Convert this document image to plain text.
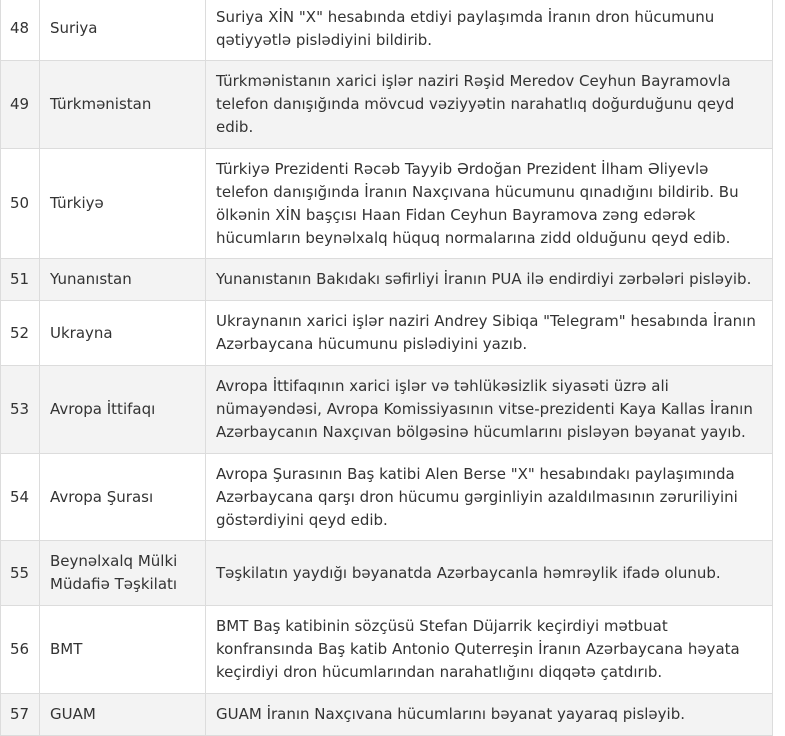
48	Suriya	Suriya XİN "X" hesabında etdiyi paylaşımda İranın dron hücumunu qətiyyətlə pislədiyini bildirib.
49	Türkmənistan	Türkmənistanın xarici işlər naziri Rəşid Meredov Ceyhun Bayramovla telefon danışığında mövcud vəziyyətin narahatlıq doğurduğunu qeyd edib.
50	Türkiyə	Türkiyə Prezidenti Rəcəb Tayyib Ərdoğan Prezident İlham Əliyevlə telefon danışığında İranın Naxçıvana hücumunu qınadığını bildirib. Bu ölkənin XİN başçısı Haan Fidan Ceyhun Bayramova zəng edərək hücumların beynəlxalq hüquq normalarına zidd olduğunu qeyd edib.
51	Yunanıstan	Yunanıstanın Bakıdakı səfirliyi İranın PUA ilə endirdiyi zərbələri pisləyib.
52	Ukrayna	Ukraynanın xarici işlər naziri Andrey Sibiqa "Telegram" hesabında İranın Azərbaycana hücumunu pislədiyini yazıb.
53	Avropa İttifaqı	Avropa İttifaqının xarici işlər və təhlükəsizlik siyasəti üzrə ali nümayəndəsi, Avropa Komissiyasının vitse-prezidenti Kaya Kallas İranın Azərbaycanın Naxçıvan bölgəsinə hücumlarını pisləyən bəyanat yayıb.
54	Avropa Şurası	Avropa Şurasının Baş katibi Alen Berse "X" hesabındakı paylaşımında Azərbaycana qarşı dron hücumu gərginliyin azaldılmasının zəruriliyini göstərdiyini qeyd edib.
55	Beynəlxalq Mülki Müdafiə Təşkilatı	Təşkilatın yaydığı bəyanatda Azərbaycanla həmrəylik ifadə olunub.
56	BMT	BMT Baş katibinin sözçüsü Stefan Düjarrik keçirdiyi mətbuat konfransında Baş katib Antonio Quterreşin İranın Azərbaycana həyata keçirdiyi dron hücumlarından narahatlığını diqqətə çatdırıb.
57	GUAM	GUAM İranın Naxçıvana hücumlarını bəyanat yayaraq pisləyib.
